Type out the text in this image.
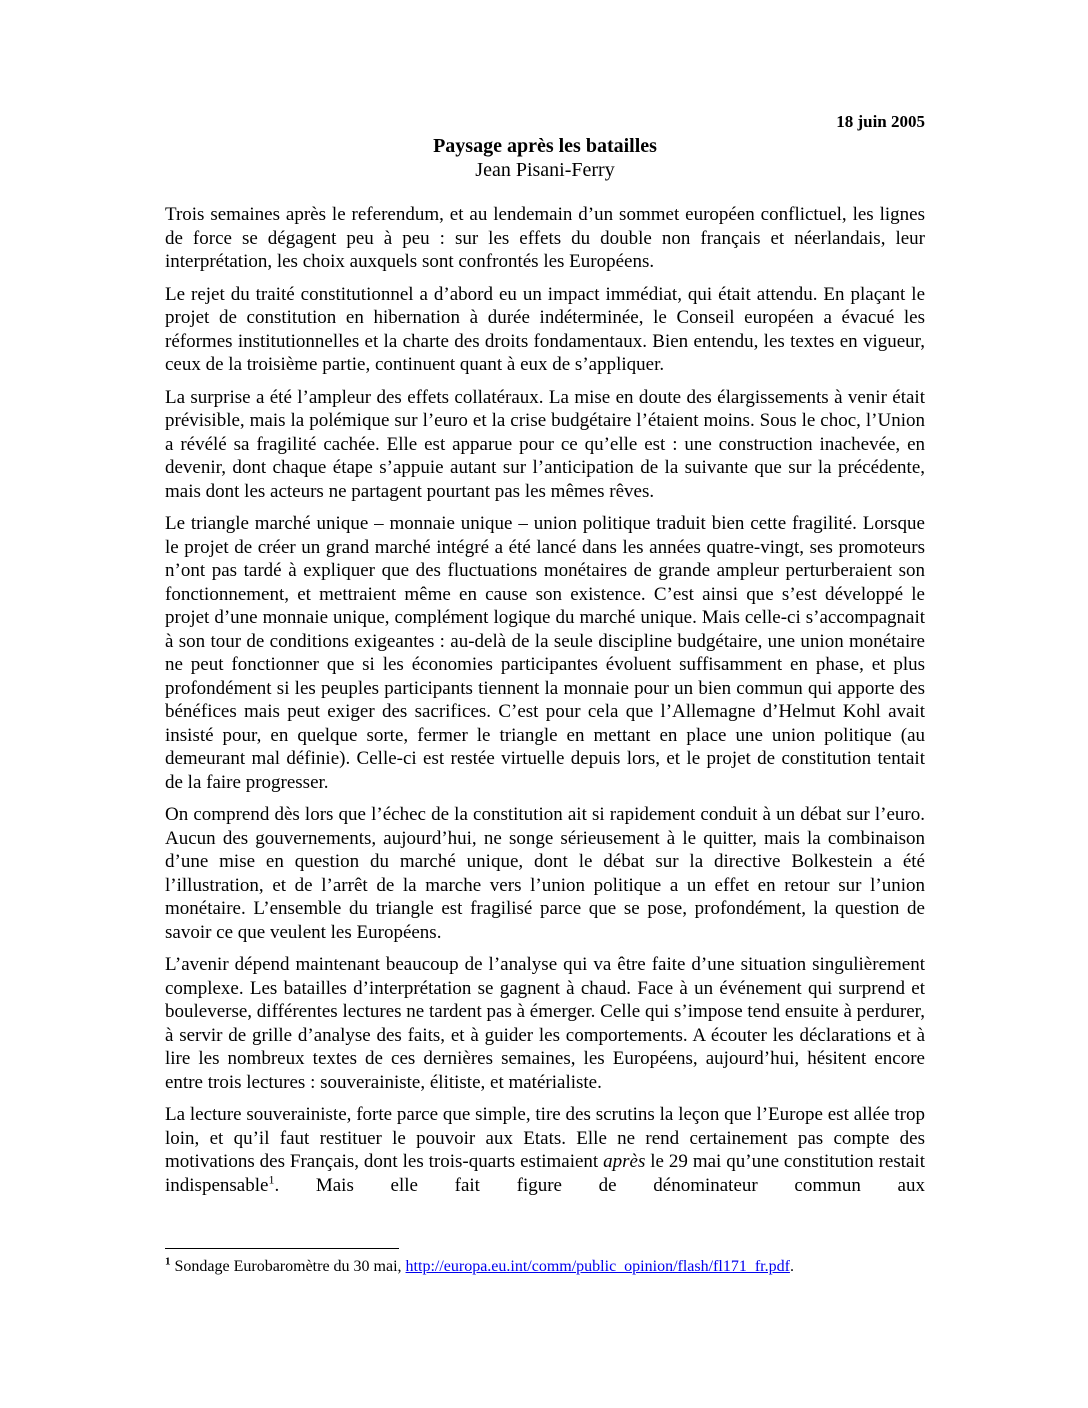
18 juin 2005
Paysage après les batailles
Jean Pisani-Ferry

Trois semaines après le referendum, et au lendemain d’un sommet européen conflictuel, les lignes de force se dégagent peu à peu : sur les effets du double non français et néerlandais, leur interprétation, les choix auxquels sont confrontés les Européens.

Le rejet du traité constitutionnel a d’abord eu un impact immédiat, qui était attendu. En plaçant le projet de constitution en hibernation à durée indéterminée, le Conseil européen a évacué les réformes institutionnelles et la charte des droits fondamentaux. Bien entendu, les textes en vigueur, ceux de la troisième partie, continuent quant à eux de s’appliquer.

La surprise a été l’ampleur des effets collatéraux. La mise en doute des élargissements à venir était prévisible, mais la polémique sur l’euro et la crise budgétaire l’étaient moins. Sous le choc, l’Union a révélé sa fragilité cachée. Elle est apparue pour ce qu’elle est : une construction inachevée, en devenir, dont chaque étape s’appuie autant sur l’anticipation de la suivante que sur la précédente, mais dont les acteurs ne partagent pourtant pas les mêmes rêves.

Le triangle marché unique – monnaie unique – union politique traduit bien cette fragilité. Lorsque le projet de créer un grand marché intégré a été lancé dans les années quatre-vingt, ses promoteurs n’ont pas tardé à expliquer que des fluctuations monétaires de grande ampleur perturberaient son fonctionnement, et mettraient même en cause son existence. C’est ainsi que s’est développé le projet d’une monnaie unique, complément logique du marché unique. Mais celle-ci s’accompagnait à son tour de conditions exigeantes : au-delà de la seule discipline budgétaire, une union monétaire ne peut fonctionner que si les économies participantes évoluent suffisamment en phase, et plus profondément si les peuples participants tiennent la monnaie pour un bien commun qui apporte des bénéfices mais peut exiger des sacrifices. C’est pour cela que l’Allemagne d’Helmut Kohl avait insisté pour, en quelque sorte, fermer le triangle en mettant en place une union politique (au demeurant mal définie). Celle-ci est restée virtuelle depuis lors, et le projet de constitution tentait de la faire progresser.

On comprend dès lors que l’échec de la constitution ait si rapidement conduit à un débat sur l’euro. Aucun des gouvernements, aujourd’hui, ne songe sérieusement à le quitter, mais la combinaison d’une mise en question du marché unique, dont le débat sur la directive Bolkestein a été l’illustration, et de l’arrêt de la marche vers l’union politique a un effet en retour sur l’union monétaire. L’ensemble du triangle est fragilisé parce que se pose, profondément, la question de savoir ce que veulent les Européens.

L’avenir dépend maintenant beaucoup de l’analyse qui va être faite d’une situation singulièrement complexe. Les batailles d’interprétation se gagnent à chaud. Face à un événement qui surprend et bouleverse, différentes lectures ne tardent pas à émerger. Celle qui s’impose tend ensuite à perdurer, à servir de grille d’analyse des faits, et à guider les comportements. A écouter les déclarations et à lire les nombreux textes de ces dernières semaines, les Européens, aujourd’hui, hésitent encore entre trois lectures : souverainiste, élitiste, et matérialiste.

La lecture souverainiste, forte parce que simple, tire des scrutins la leçon que l’Europe est allée trop loin, et qu’il faut restituer le pouvoir aux Etats. Elle ne rend certainement pas compte des motivations des Français, dont les trois-quarts estimaient après le 29 mai qu’une constitution restait indispensable$^1$. Mais elle fait figure de dénominateur commun aux

$^1$ Sondage Eurobaromètre du 30 mai, http://europa.eu.int/comm/public_opinion/flash/fl171_fr.pdf.
